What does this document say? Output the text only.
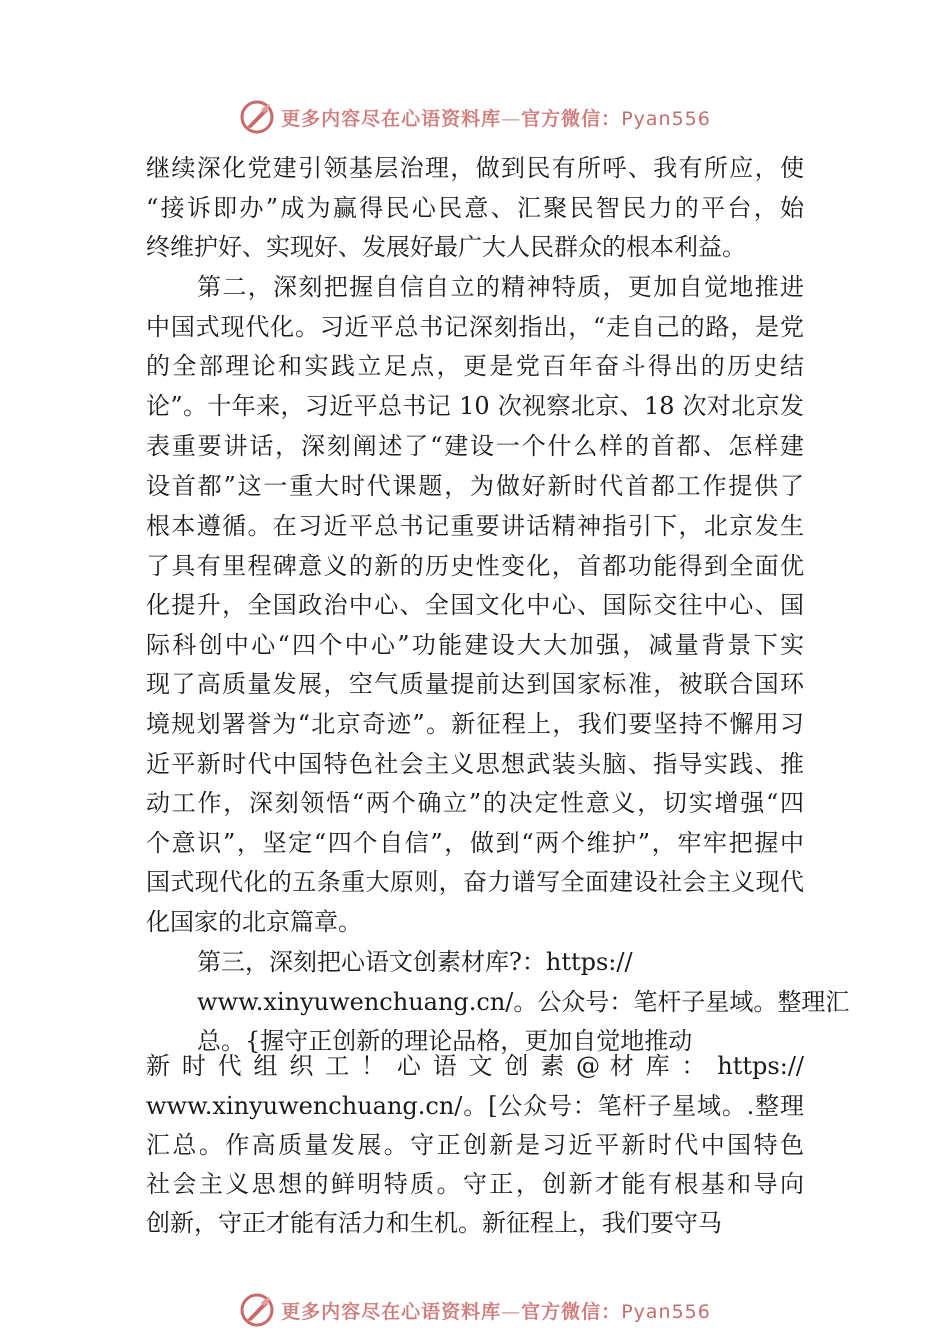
更多内容尽在心语资料库—官方微信：Pyan556
继续深化党建引领基层治理，做到民有所呼、我有所应，使
“接诉即办”成为赢得民心民意、汇聚民智民力的平台，始
终维护好、实现好、发展好最广大人民群众的根本利益。
第二，深刻把握自信自立的精神特质，更加自觉地推进
中国式现代化。习近平总书记深刻指出，“走自己的路，是党
的全部理论和实践立足点，更是党百年奋斗得出的历史结
论”。十年来，习近平总书记 10 次视察北京、18 次对北京发
表重要讲话，深刻阐述了“建设一个什么样的首都、怎样建
设首都”这一重大时代课题，为做好新时代首都工作提供了
根本遵循。在习近平总书记重要讲话精神指引下，北京发生
了具有里程碑意义的新的历史性变化，首都功能得到全面优
化提升，全国政治中心、全国文化中心、国际交往中心、国
际科创中心“四个中心”功能建设大大加强，减量背景下实
现了高质量发展，空气质量提前达到国家标准，被联合国环
境规划署誉为“北京奇迹”。新征程上，我们要坚持不懈用习
近平新时代中国特色社会主义思想武装头脑、指导实践、推
动工作，深刻领悟“两个确立”的决定性意义，切实增强“四
个意识”，坚定“四个自信”，做到“两个维护”，牢牢把握中
国式现代化的五条重大原则，奋力谱写全面建设社会主义现代
化国家的北京篇章。
第三，深刻把心语文创素材库?：https://
www.xinyuwenchuang.cn/。公众号：笔杆子星域。整理汇
总。{握守正创新的理论品格，更加自觉地推动
新 时 代 组 织 工 ！ 心 语 文 创 素 @ 材 库 ： https://
www.xinyuwenchuang.cn/。[公众号：笔杆子星域。.整理
汇总。作高质量发展。守正创新是习近平新时代中国特色
社会主义思想的鲜明特质。守正，创新才能有根基和导向
创新，守正才能有活力和生机。新征程上，我们要守马
更多内容尽在心语资料库—官方微信：Pyan556
